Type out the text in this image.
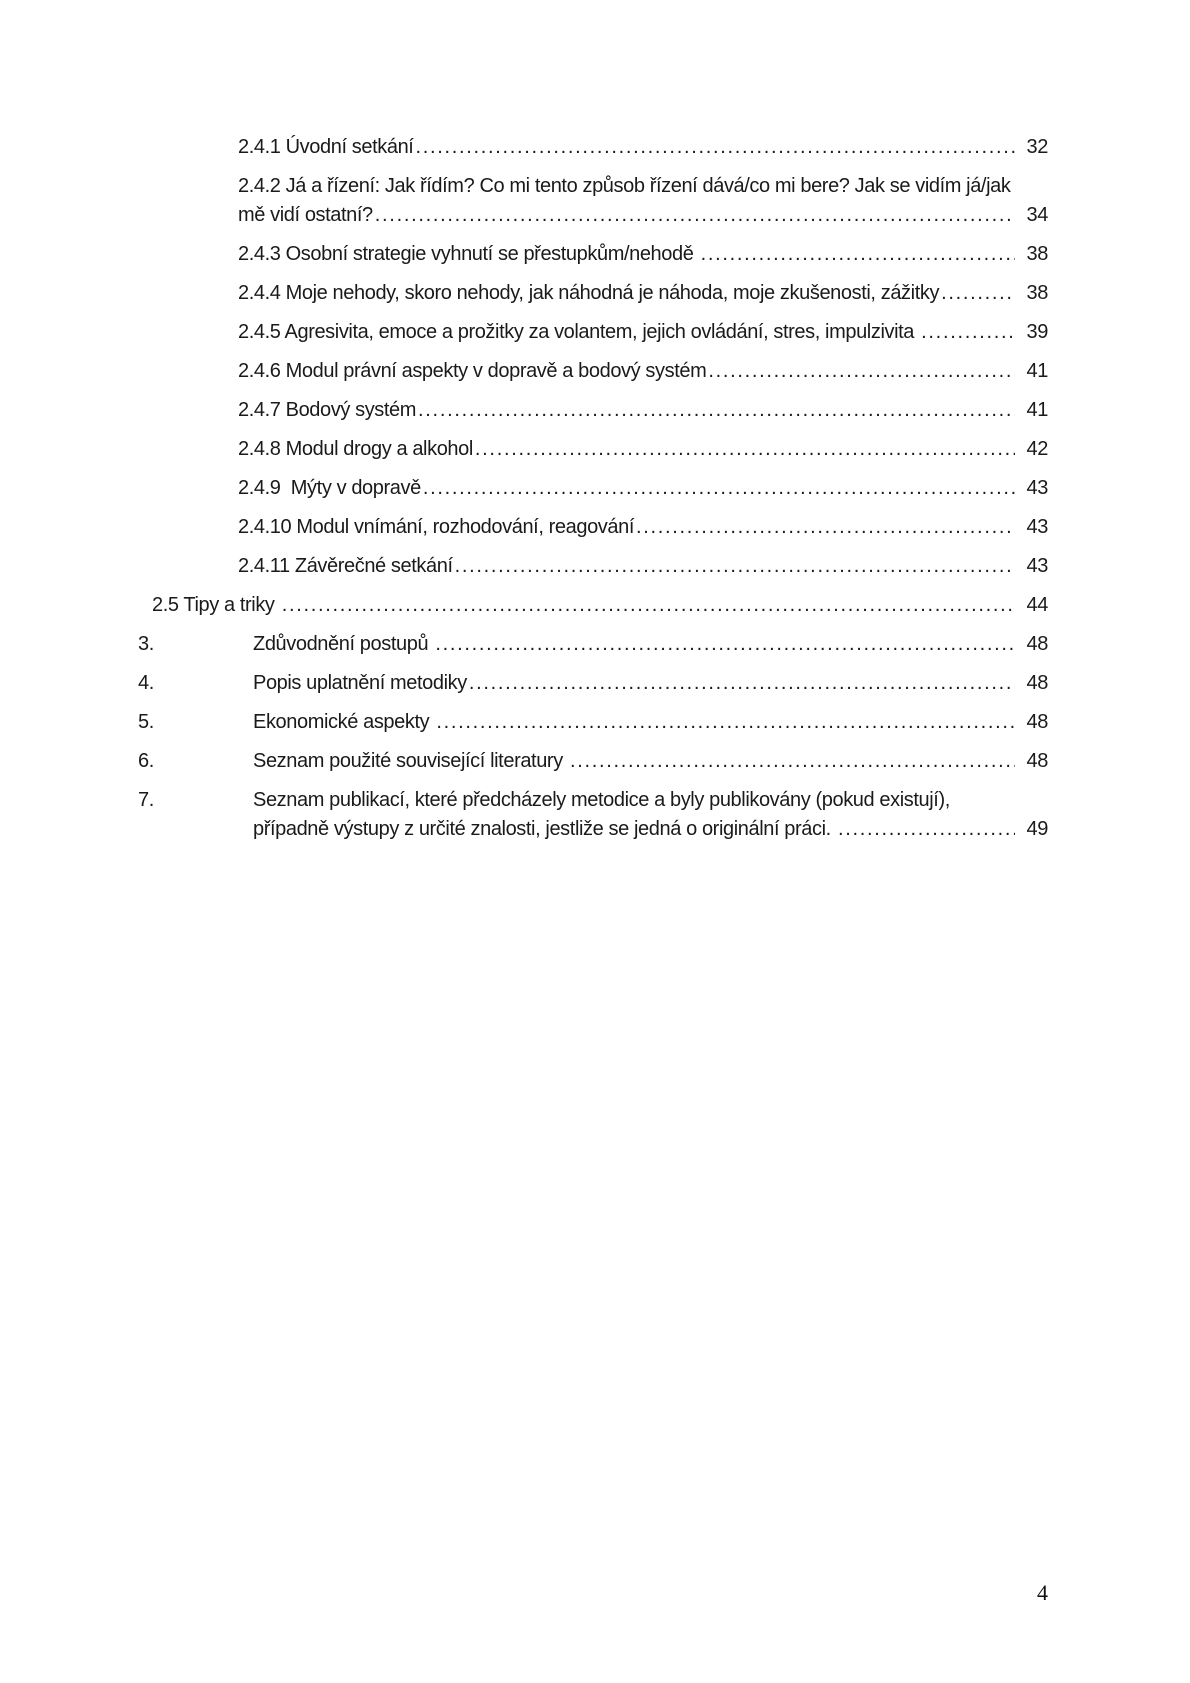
2.4.1 Úvodní setkání .....	32
2.4.2 Já a řízení: Jak řídím? Co mi tento způsob řízení dává/co mi bere? Jak se vidím já/jak
mě vidí ostatní? .....	34
2.4.3 Osobní strategie vyhnutí se přestupkům/nehodě .....	38
2.4.4 Moje nehody, skoro nehody, jak náhodná je náhoda, moje zkušenosti, zážitky .....	38
2.4.5 Agresivita, emoce a prožitky za volantem, jejich ovládání, stres, impulzivita .....	39
2.4.6 Modul právní aspekty v dopravě a bodový systém .....	41
2.4.7 Bodový systém .....	41
2.4.8 Modul drogy a alkohol .....	42
2.4.9  Mýty v dopravě .....	43
2.4.10 Modul vnímání, rozhodování, reagování .....	43
2.4.11 Závěrečné setkání .....	43
2.5 Tipy a triky .....	44
3.	Zdůvodnění postupů .....	48
4.	Popis uplatnění metodiky .....	48
5.	Ekonomické aspekty .....	48
6.	Seznam použité související literatury .....	48
7.	Seznam publikací, které předcházely metodice a byly publikovány (pokud existují),
případně výstupy z určité znalosti, jestliže se jedná o originální práci. .....	49
4
